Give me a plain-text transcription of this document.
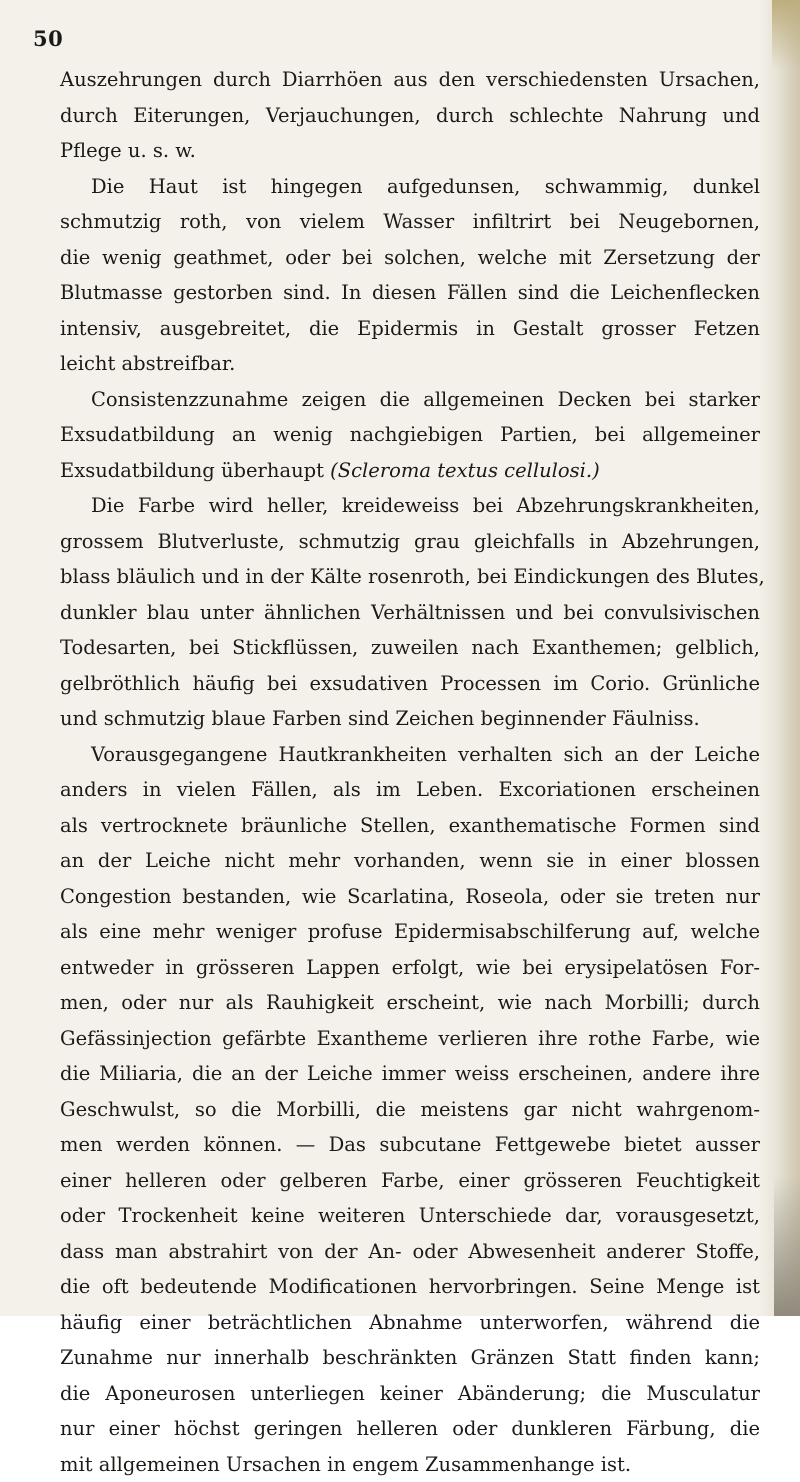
50
Auszehrungen durch Diarrhöen aus den verschiedensten Ursachen,
durch Eiterungen, Verjauchungen, durch schlechte Nahrung und
Pflege u. s. w.
Die Haut ist hingegen aufgedunsen, schwammig, dunkel
schmutzig roth, von vielem Wasser infiltrirt bei Neugebornen,
die wenig geathmet, oder bei solchen, welche mit Zersetzung der
Blutmasse gestorben sind. In diesen Fällen sind die Leichenflecken
intensiv, ausgebreitet, die Epidermis in Gestalt grosser Fetzen
leicht abstreifbar.
Consistenzzunahme zeigen die allgemeinen Decken bei starker
Exsudatbildung an wenig nachgiebigen Partien, bei allgemeiner
Exsudatbildung überhaupt (Scleroma textus cellulosi.)
Die Farbe wird heller, kreideweiss bei Abzehrungskrankheiten,
grossem Blutverluste, schmutzig grau gleichfalls in Abzehrungen,
blass bläulich und in der Kälte rosenroth, bei Eindickungen des Blutes,
dunkler blau unter ähnlichen Verhältnissen und bei convulsivischen
Todesarten, bei Stickflüssen, zuweilen nach Exanthemen; gelblich,
gelbröthlich häufig bei exsudativen Processen im Corio. Grünliche
und schmutzig blaue Farben sind Zeichen beginnender Fäulniss.
Vorausgegangene Hautkrankheiten verhalten sich an der Leiche
anders in vielen Fällen, als im Leben. Excoriationen erscheinen
als vertrocknete bräunliche Stellen, exanthematische Formen sind
an der Leiche nicht mehr vorhanden, wenn sie in einer blossen
Congestion bestanden, wie Scarlatina, Roseola, oder sie treten nur
als eine mehr weniger profuse Epidermisabschilferung auf, welche
entweder in grösseren Lappen erfolgt, wie bei erysipelatösen For-
men, oder nur als Rauhigkeit erscheint, wie nach Morbilli; durch
Gefässinjection gefärbte Exantheme verlieren ihre rothe Farbe, wie
die Miliaria, die an der Leiche immer weiss erscheinen, andere ihre
Geschwulst, so die Morbilli, die meistens gar nicht wahrgenom-
men werden können. — Das subcutane Fettgewebe bietet ausser
einer helleren oder gelberen Farbe, einer grösseren Feuchtigkeit
oder Trockenheit keine weiteren Unterschiede dar, vorausgesetzt,
dass man abstrahirt von der An- oder Abwesenheit anderer Stoffe,
die oft bedeutende Modificationen hervorbringen. Seine Menge ist
häufig einer beträchtlichen Abnahme unterworfen, während die
Zunahme nur innerhalb beschränkten Gränzen Statt finden kann;
die Aponeurosen unterliegen keiner Abänderung; die Musculatur
nur einer höchst geringen helleren oder dunkleren Färbung, die
mit allgemeinen Ursachen in engem Zusammenhange ist.
